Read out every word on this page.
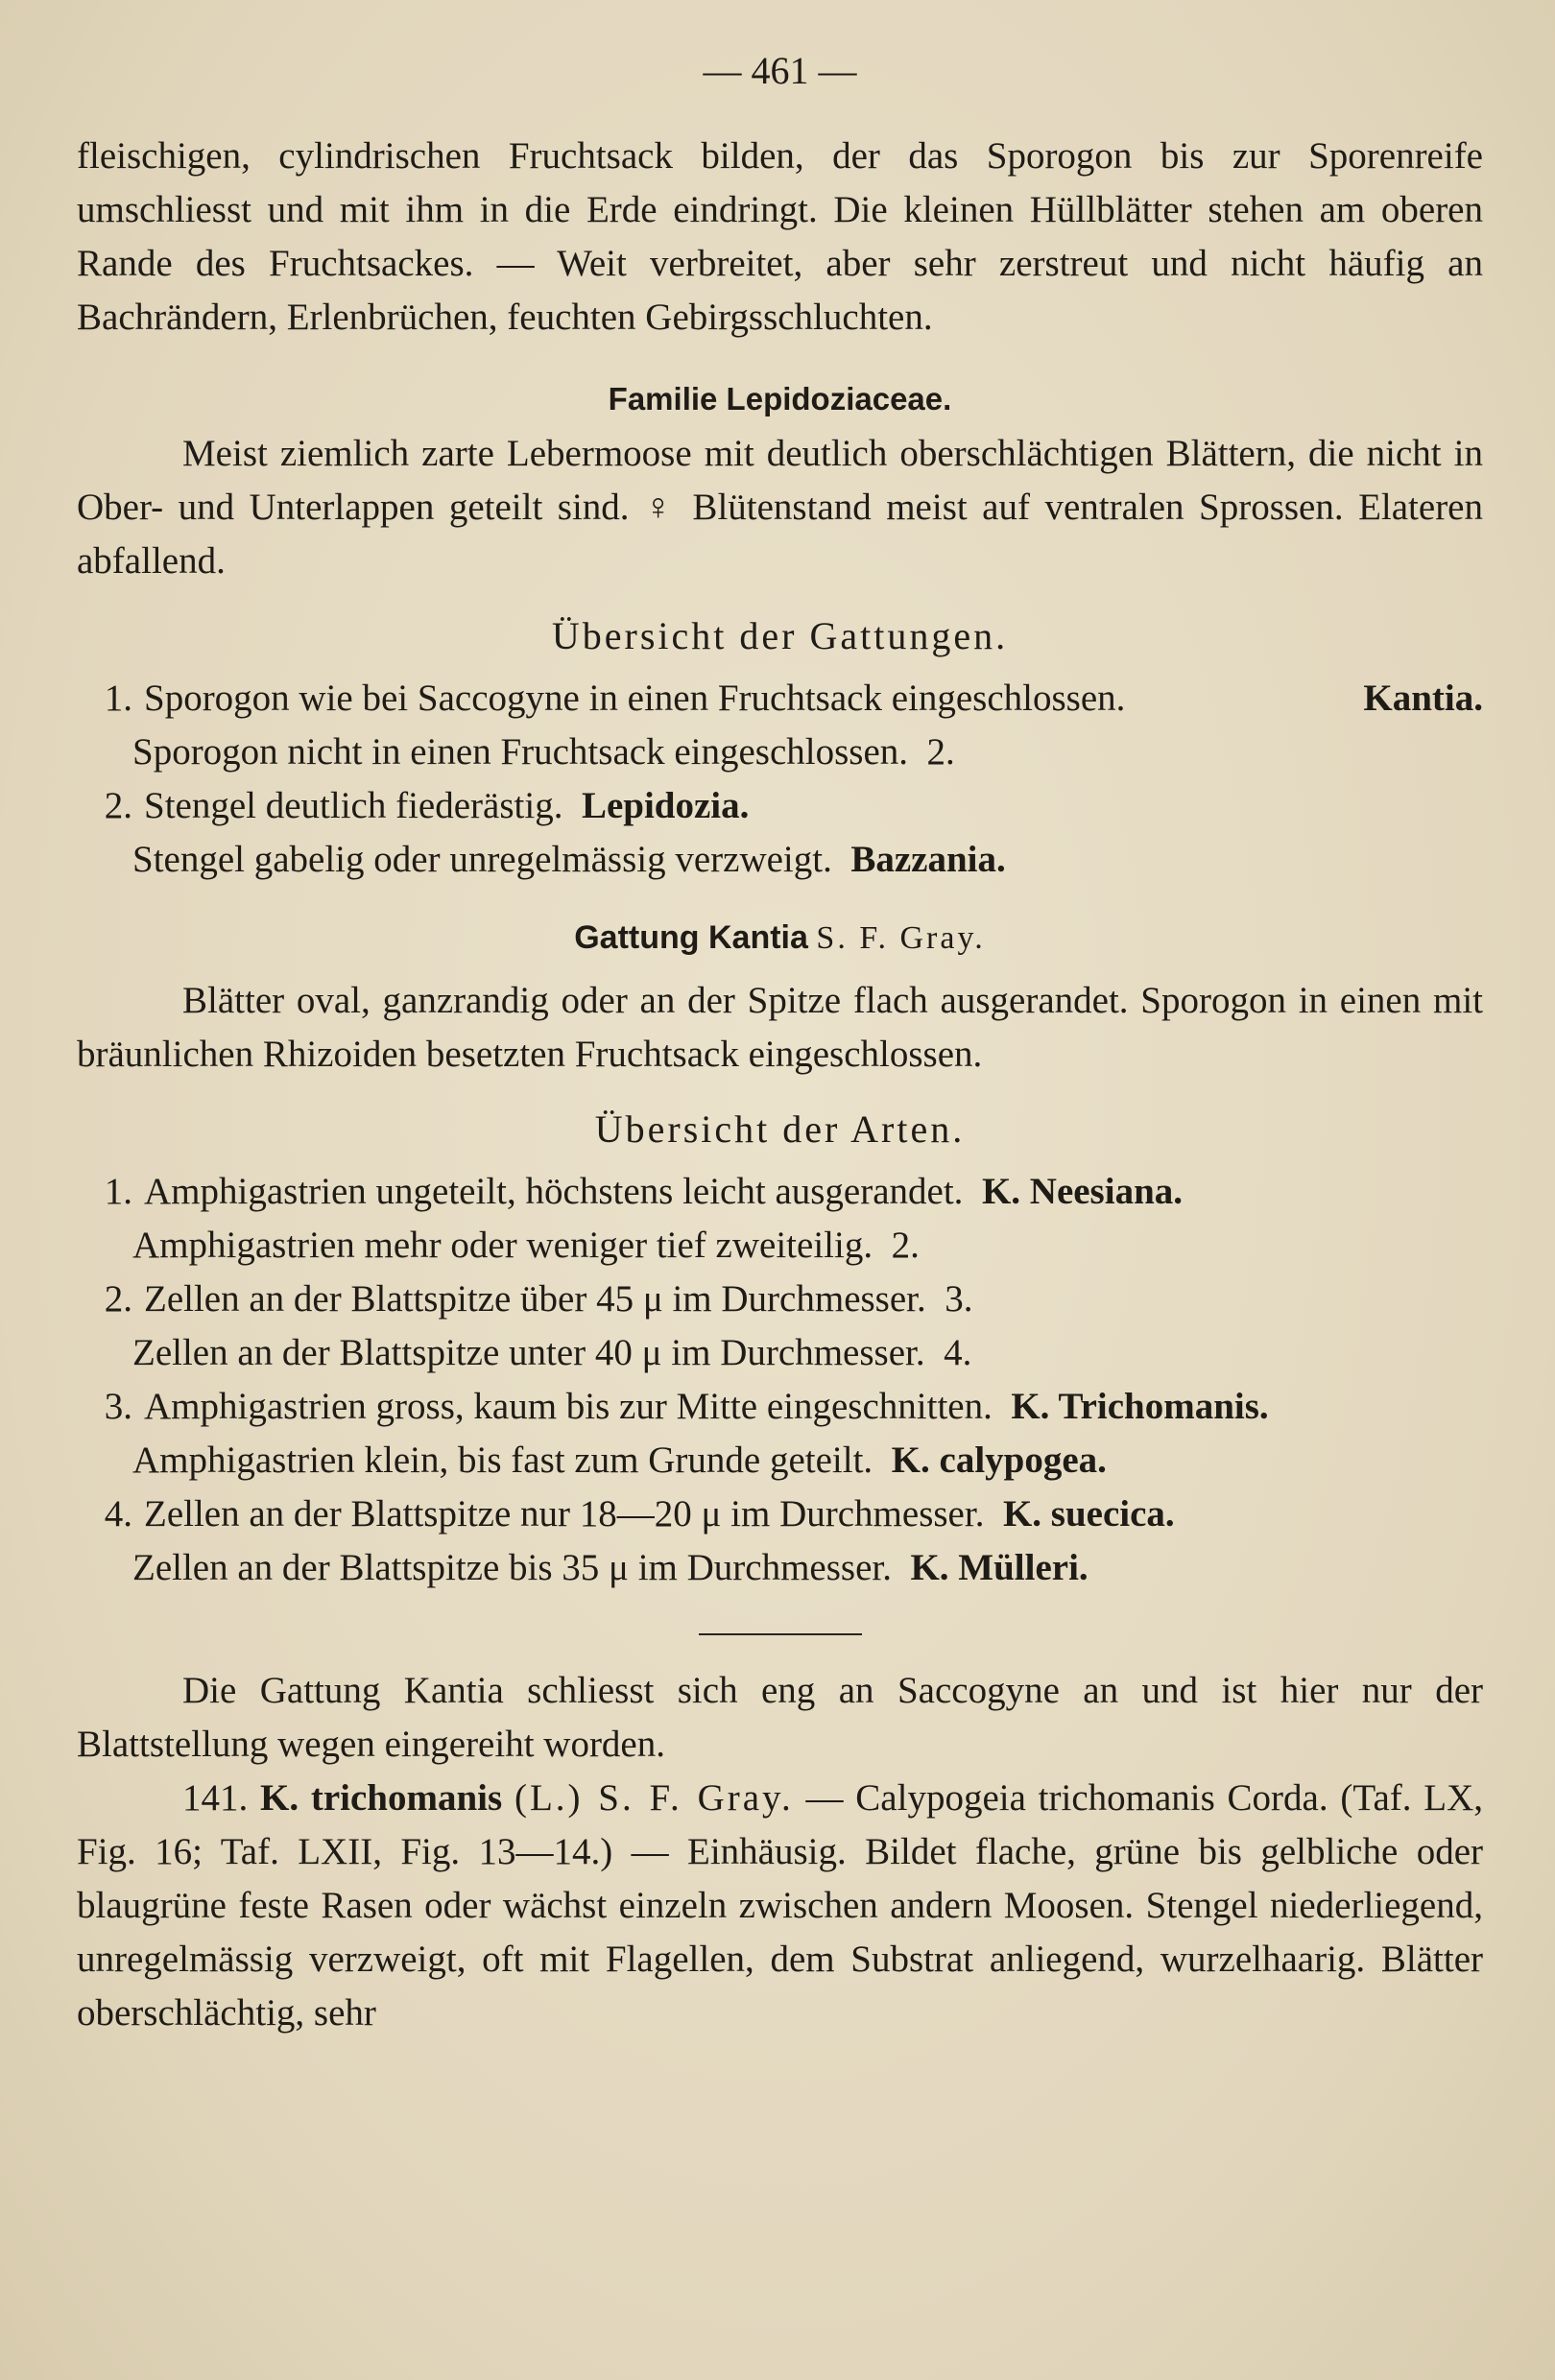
— 461 —

fleischigen, cylindrischen Fruchtsack bilden, der das Sporogon bis zur Sporenreife umschliesst und mit ihm in die Erde eindringt. Die kleinen Hüllblätter stehen am oberen Rande des Fruchtsackes. — Weit verbreitet, aber sehr zerstreut und nicht häufig an Bachrändern, Erlenbrüchen, feuchten Gebirgsschluchten.

Familie Lepidoziaceae.

Meist ziemlich zarte Lebermoose mit deutlich oberschlächtigen Blättern, die nicht in Ober- und Unterlappen geteilt sind. ♀ Blütenstand meist auf ventralen Sprossen. Elateren abfallend.

Übersicht der Gattungen.
1. Sporogon wie bei Saccogyne in einen Fruchtsack eingeschlossen.	Kantia.
Sporogon nicht in einen Fruchtsack eingeschlossen.
2.
2. Stengel deutlich fiederästig. Lepidozia.
Stengel gabelig oder unregelmässig verzweigt.
Bazzania.
Gattung Kantia S. F. Gray.

Blätter oval, ganzrandig oder an der Spitze flach ausgerandet. Sporogon in einen mit bräunlichen Rhizoiden besetzten Fruchtsack eingeschlossen.

Übersicht der Arten.
1. Amphigastrien ungeteilt, höchstens leicht ausgerandet. K. Neesiana.
Amphigastrien mehr oder weniger tief zweiteilig.
2.
2. Zellen an der Blattspitze über 45 μ im Durchmesser. 3.
Zellen an der Blattspitze unter 40 μ im Durchmesser.
4.
3. Amphigastrien gross, kaum bis zur Mitte eingeschnitten. K. Trichomanis.
Amphigastrien klein, bis fast zum Grunde geteilt.
K. calypogea.
4. Zellen an der Blattspitze nur 18—20 μ im Durchmesser. K. suecica.
Zellen an der Blattspitze bis 35 μ im Durchmesser.
K. Mülleri.

Die Gattung Kantia schliesst sich eng an Saccogyne an und ist hier nur der Blattstellung wegen eingereiht worden.

141. K. trichomanis (L.) S. F. Gray. — Calypogeia trichomanis Corda. (Taf. LX, Fig. 16; Taf. LXII, Fig. 13—14.) — Einhäusig. Bildet flache, grüne bis gelbliche oder blaugrüne feste Rasen oder wächst einzeln zwischen andern Moosen. Stengel niederliegend, unregelmässig verzweigt, oft mit Flagellen, dem Substrat anliegend, wurzelhaarig. Blätter oberschlächtig, sehr
